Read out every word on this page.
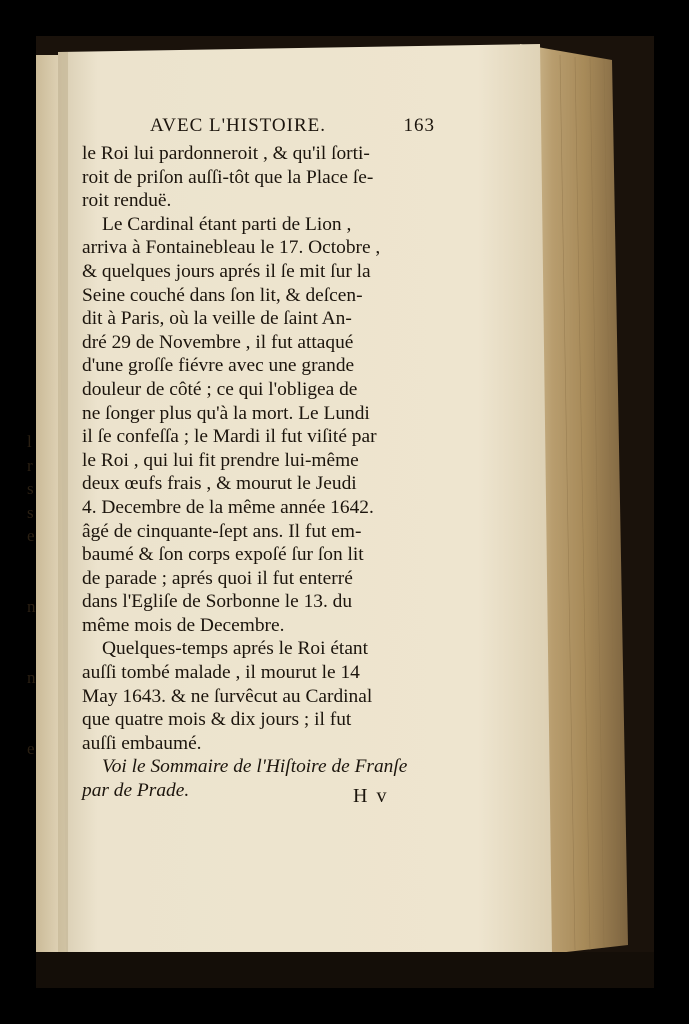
AVEC L'HISTOIRE.	163
le Roi lui pardonneroit , & qu'il ſorti-
roit de priſon auſſi-tôt que la Place ſe-
roit renduë.
Le Cardinal étant parti de Lion ,
arriva à Fontainebleau le 17. Octobre ,
& quelques jours aprés il ſe mit ſur la
Seine couché dans ſon lit, & deſcen-
dit à Paris, où la veille de ſaint An-
dré 29 de Novembre , il fut attaqué
d'une groſſe fiévre avec une grande
douleur de côté ; ce qui l'obligea de
ne ſonger plus qu'à la mort. Le Lundi
il ſe confeſſa ; le Mardi il fut viſité par
le Roi , qui lui fit prendre lui-même
deux œufs frais , & mourut le Jeudi
4. Decembre de la même année 1642.
âgé de cinquante-ſept ans. Il fut em-
baumé & ſon corps expoſé ſur ſon lit
de parade ; aprés quoi il fut enterré
dans l'Egliſe de Sorbonne le 13. du
même mois de Decembre.
Quelques-temps aprés le Roi étant
auſſi tombé malade , il mourut le 14
May 1643. & ne ſurvêcut au Cardinal
que quatre mois & dix jours ; il fut
auſſi embaumé.
Voi le Sommaire de l'Hiſtoire de Franſe
par de Prade.
l
r
s
s
e
n
n
e
H v
